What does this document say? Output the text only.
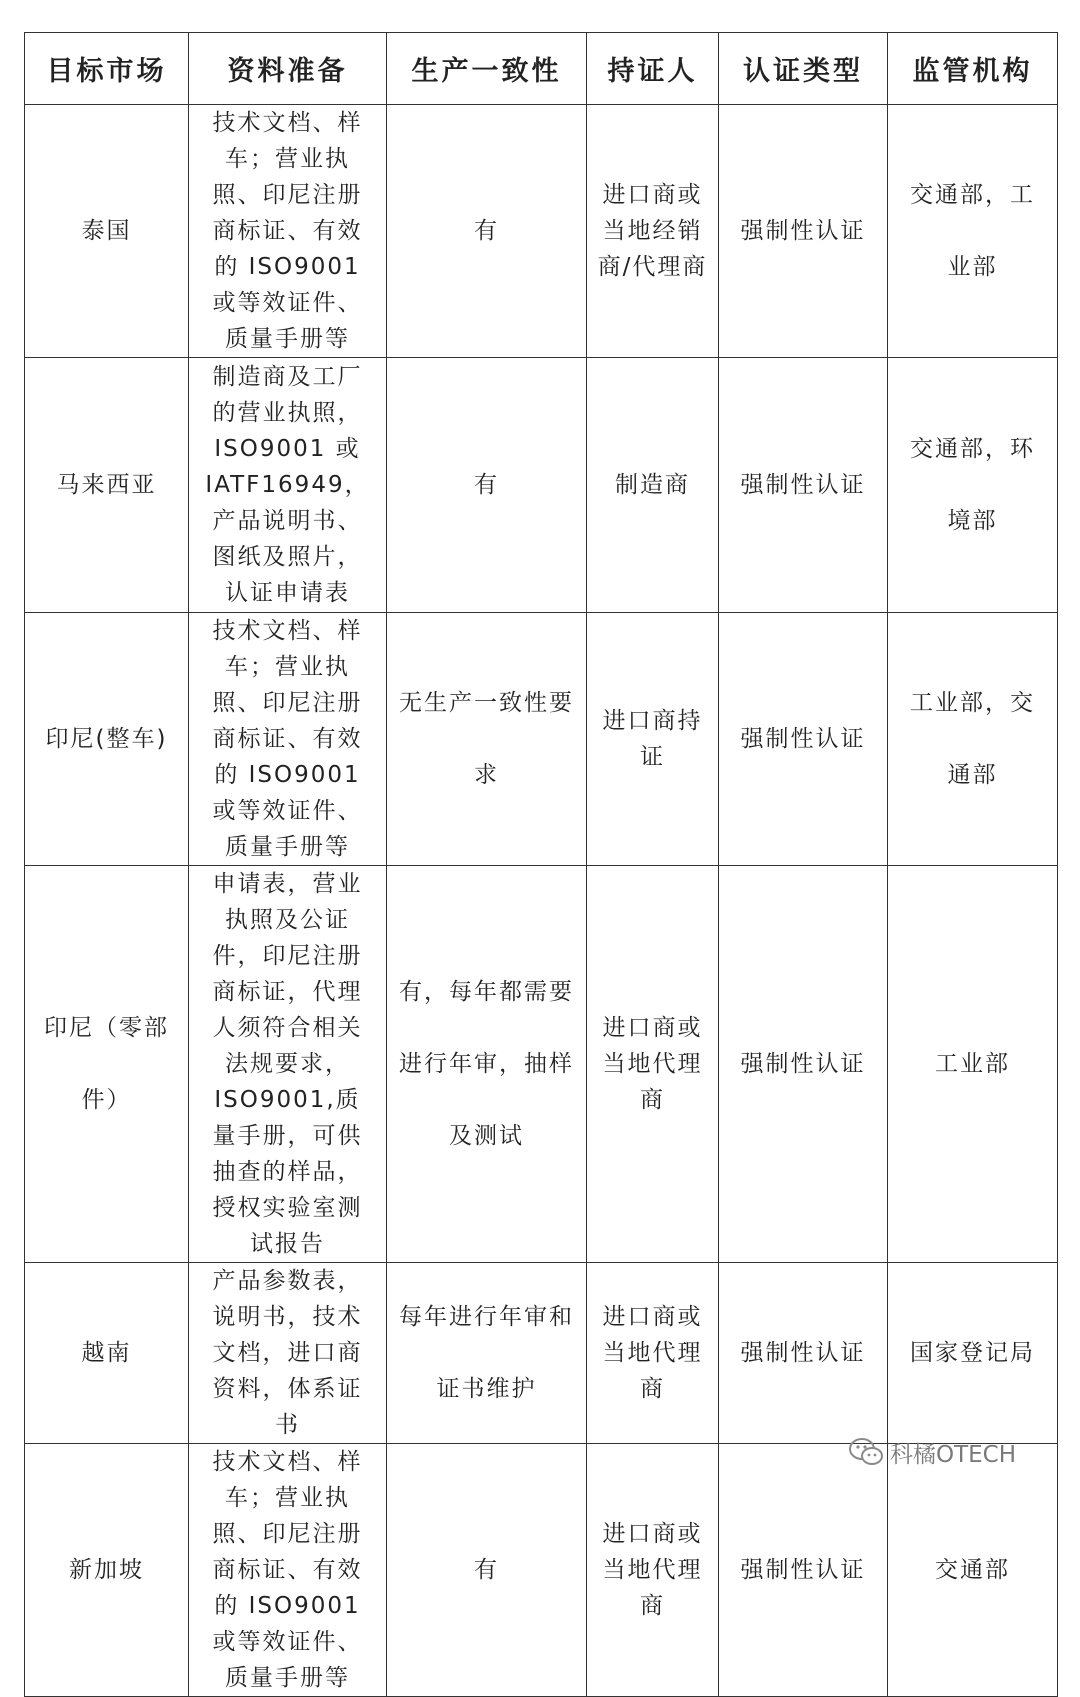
目标市场	资料准备	生产一致性	持证人	认证类型	监管机构
泰国	技术文档、样车；营业执照、印尼注册商标证、有效的 ISO9001 或等效证件、质量手册等	有	进口商或当地经销商/代理商	强制性认证	交通部，工业部
马来西亚	制造商及工厂的营业执照，ISO9001 或 IATF16949，产品说明书、图纸及照片，认证申请表	有	制造商	强制性认证	交通部，环境部
印尼(整车)	技术文档、样车；营业执照、印尼注册商标证、有效的 ISO9001 或等效证件、质量手册等	无生产一致性要求	进口商持证	强制性认证	工业部，交通部
印尼（零部件）	申请表，营业执照及公证件，印尼注册商标证，代理人须符合相关法规要求，ISO9001,质量手册，可供抽查的样品，授权实验室测试报告	有，每年都需要进行年审，抽样及测试	进口商或当地代理商	强制性认证	工业部
越南	产品参数表，说明书，技术文档，进口商资料，体系证书	每年进行年审和证书维护	进口商或当地代理商	强制性认证	国家登记局
新加坡	技术文档、样车；营业执照、印尼注册商标证、有效的 ISO9001 或等效证件、质量手册等	有	进口商或当地代理商	强制性认证	交通部
科橘OTECH
